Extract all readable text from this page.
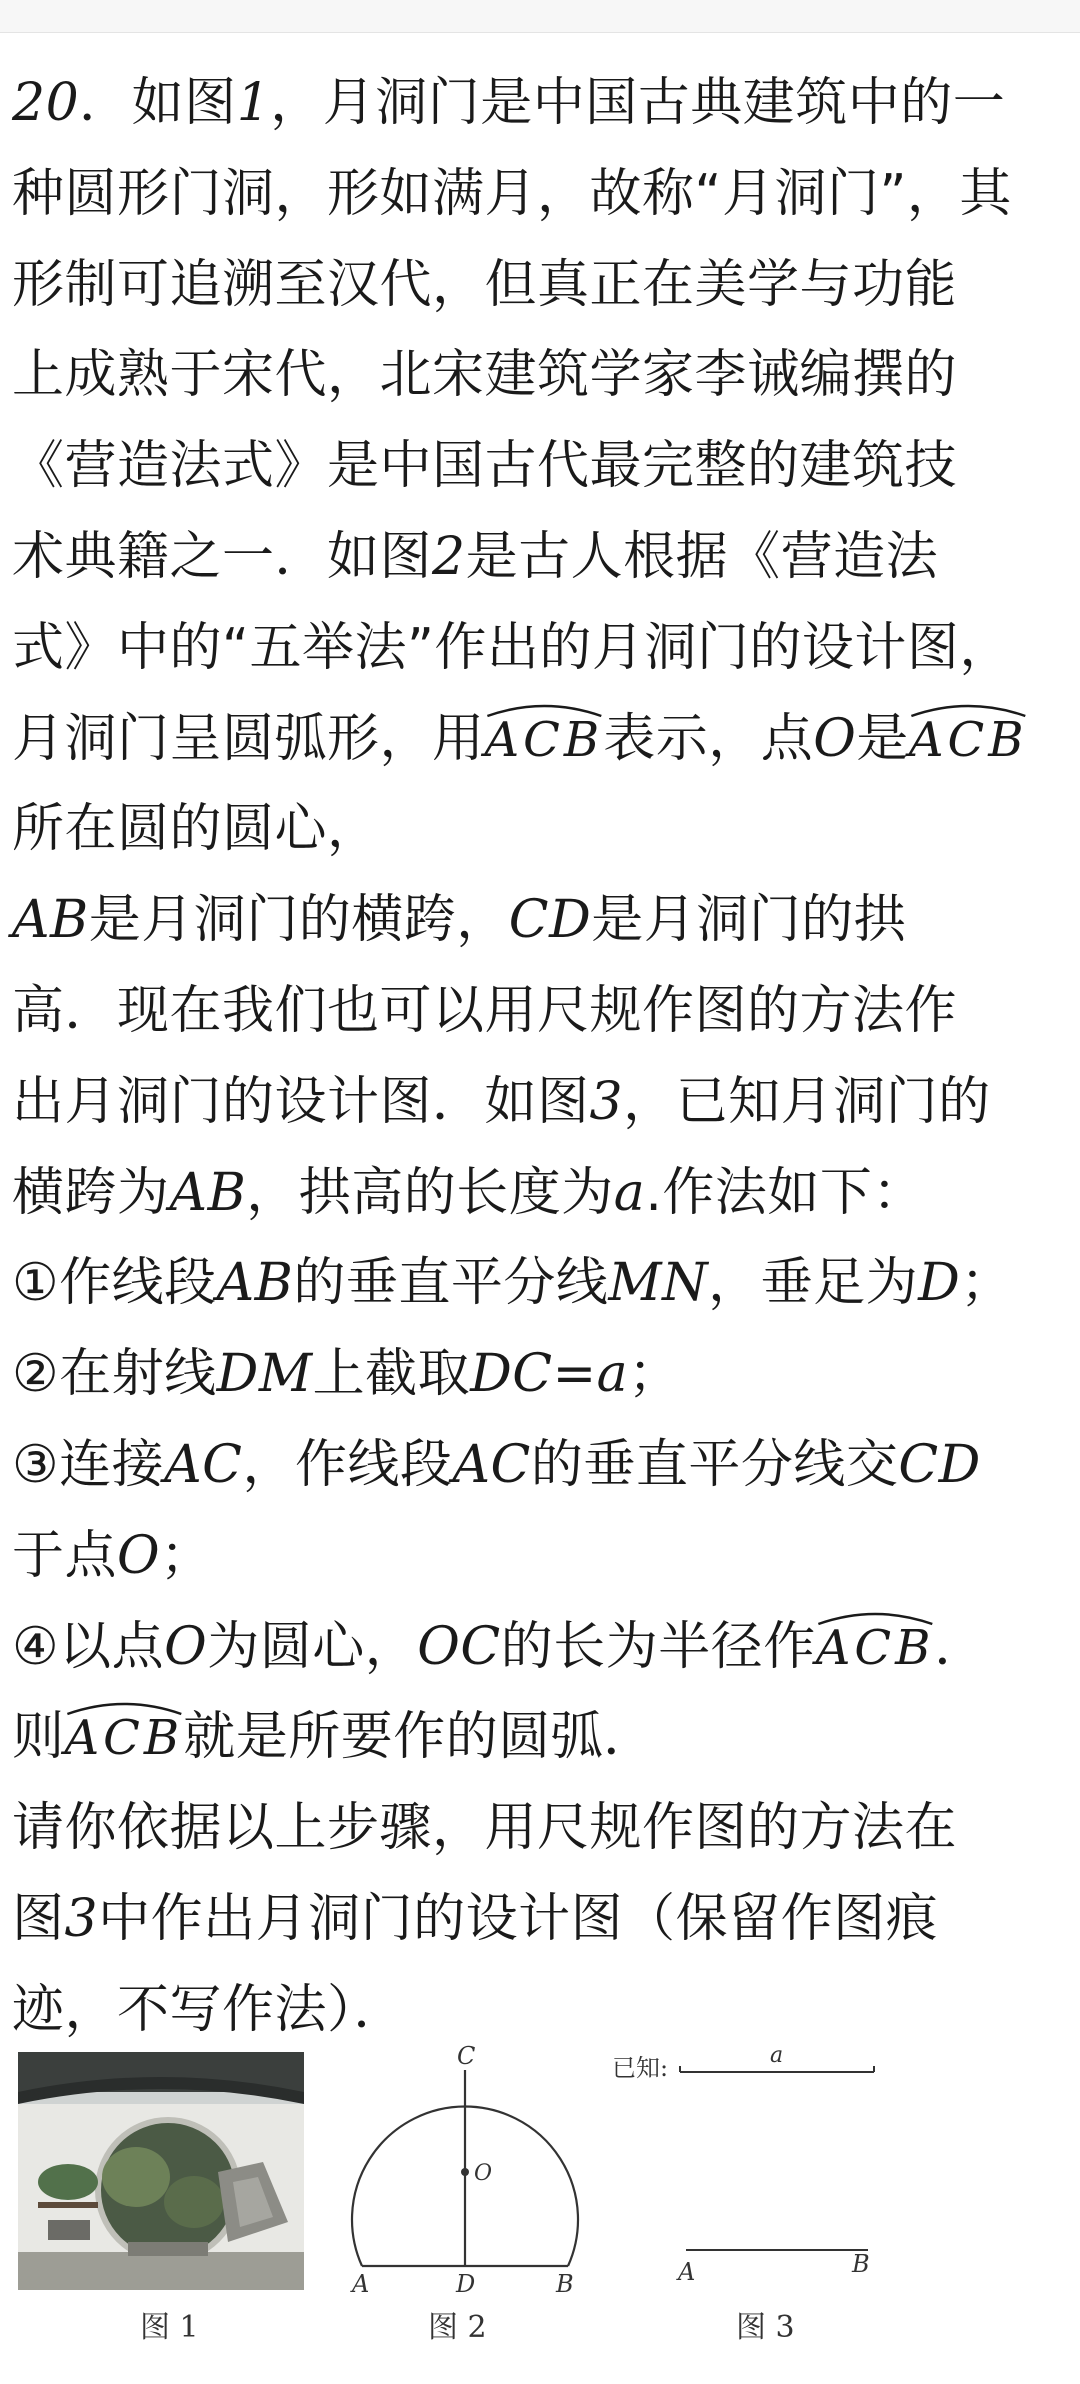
20．如图1，月洞门是中国古典建筑中的一
种圆形门洞，形如满月，故称“月洞门”，其
形制可追溯至汉代，但真正在美学与功能
上成熟于宋代，北宋建筑学家李诫编撰的
《营造法式》是中国古代最完整的建筑技
术典籍之一．如图2是古人根据《营造法
式》中的“五举法”作出的月洞门的设计图，
月洞门呈圆弧形，用
ACB表示，点O是
ACB
所在圆的圆心，
AB是月洞门的横跨，CD是月洞门的拱
高．现在我们也可以用尺规作图的方法作
出月洞门的设计图．如图3，已知月洞门的
横跨为AB，拱高的长度为a.作法如下：
①作线段AB的垂直平分线MN，垂足为D；
②在射线DM上截取DC=a；
③连接AC，作线段AC的垂直平分线交CD
于点O；
④以点O为圆心，OC的长为半径作
ACB．
则
ACB就是所要作的圆弧．
请你依据以上步骤，用尺规作图的方法在
图3中作出月洞门的设计图（保留作图痕
迹，不写作法）．
图 1
C
O
A	D	B
图 2
已知:	a
A	B
图 3
